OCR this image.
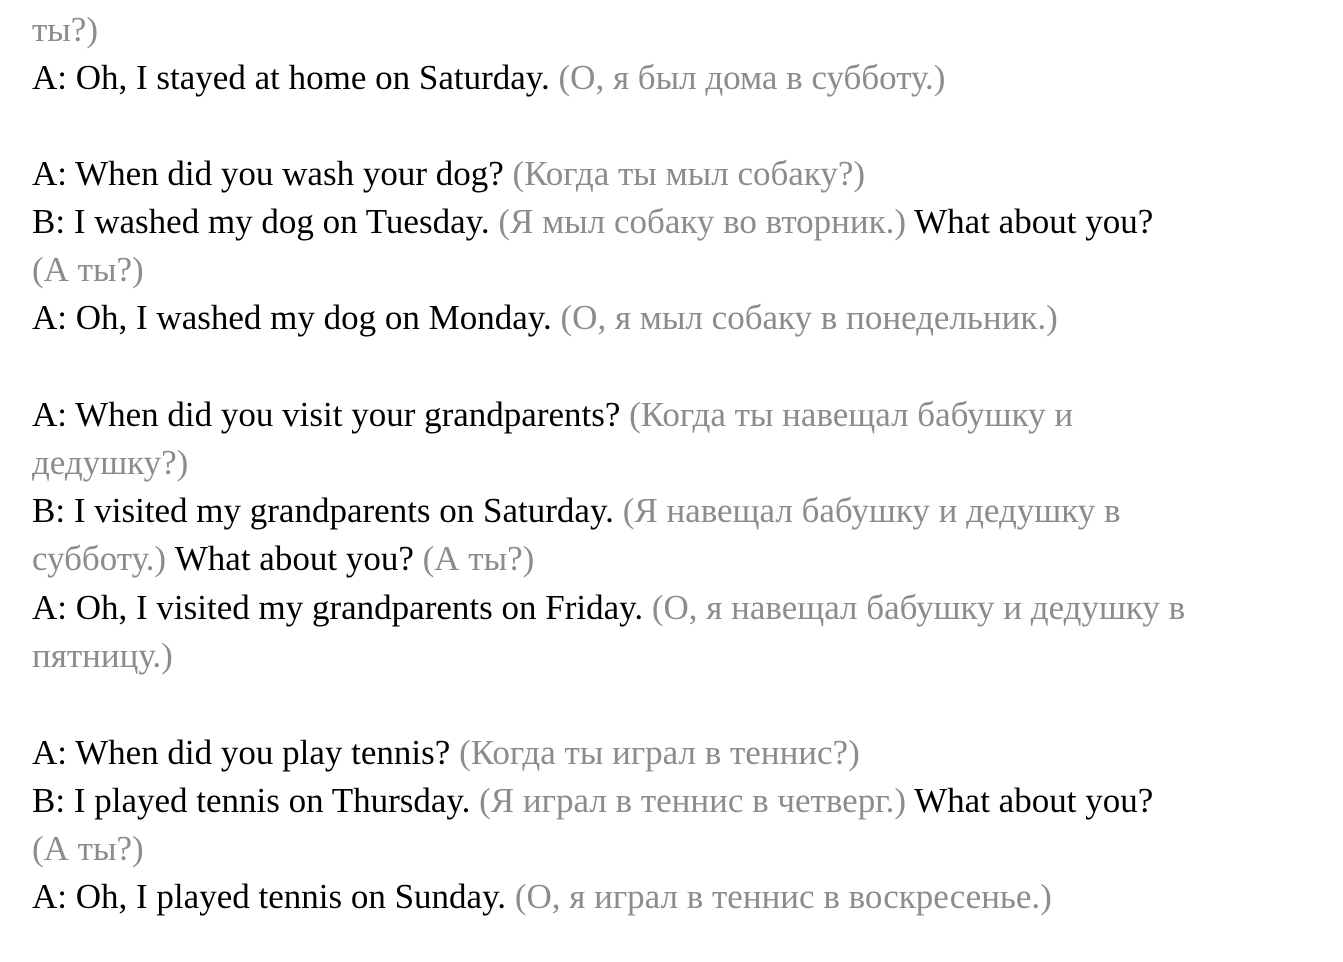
ты?)
A: Oh, I stayed at home on Saturday. (О, я был дома в субботу.)
A: When did you wash your dog? (Когда ты мыл собаку?)
B: I washed my dog on Tuesday. (Я мыл собаку во вторник.) What about you?
(А ты?)
A: Oh, I washed my dog on Monday. (О, я мыл собаку в понедельник.)
A: When did you visit your grandparents? (Когда ты навещал бабушку и
дедушку?)
B: I visited my grandparents on Saturday. (Я навещал бабушку и дедушку в
субботу.) What about you? (А ты?)
A: Oh, I visited my grandparents on Friday. (О, я навещал бабушку и дедушку в
пятницу.)
A: When did you play tennis? (Когда ты играл в теннис?)
B: I played tennis on Thursday. (Я играл в теннис в четверг.) What about you?
(А ты?)
A: Oh, I played tennis on Sunday. (О, я играл в теннис в воскресенье.)
